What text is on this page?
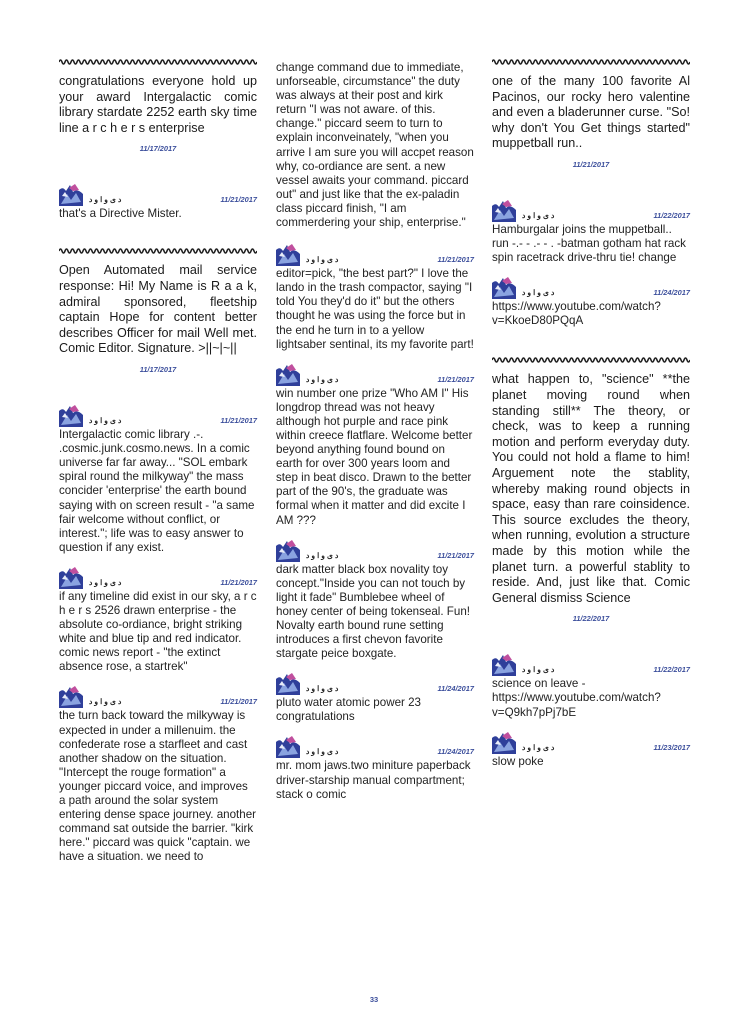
congratulations everyone hold up your award Intergalactic comic library stardate 2252 earth sky time line a r c h e r s enterprise

11/17/2017
د ی و ا و د	11/21/2017

that's a Directive Mister.

Open Automated mail service response: Hi! My Name is R a a k, admiral sponsored, fleetship captain Hope for content better describes Officer for mail Well met. Comic Editor. Signature. >||~|~||

11/17/2017
د ی و ا و د	11/21/2017

Intergalactic comic library .-. .cosmic.junk.cosmo.news. In a comic universe far far away... "SOL embark spiral round the milkyway" the mass concider 'enterprise' the earth bound saying with on screen result - "a same fair welcome without conflict, or interest."; life was to easy answer to question if any exist.

د ی و ا و د	11/21/2017

if any timeline did exist in our sky, a r c h e r s 2526 drawn enterprise - the absolute co-ordiance, bright striking white and blue tip and red indicator. comic news report - "the extinct absence rose, a startrek"

د ی و ا و د	11/21/2017

the turn back toward the milkyway is expected in under a millenuim. the confederate rose a starfleet and cast another shadow on the situation. "Intercept the rouge formation" a younger piccard voice, and improves a path around the solar system entering dense space journey. another command sat outside the barrier. "kirk here." piccard was quick "captain. we have a situation. we need to

change command due to immediate, unforseable, circumstance" the duty was always at their post and kirk return "I was not aware. of this. change." piccard seem to turn to explain inconveinately, "when you arrive I am sure you will accpet reason why, co-ordiance are sent. a new vessel awaits your command. piccard out" and just like that the ex-paladin class piccard finish, "I am commerdering your ship, enterprise."

د ی و ا و د	11/21/2017

editor=pick, "the best part?" I love the lando in the trash compactor, saying "I told You they'd do it" but the others thought he was using the force but in the end he turn in to a yellow lightsaber sentinal, its my favorite part!

د ی و ا و د	11/21/2017

win number one prize "Who AM I" His longdrop thread was not heavy although hot purple and race pink within creece flatflare. Welcome better beyond anything found bound on earth for over 300 years loom and step in beat disco. Drawn to the better part of the 90's, the graduate was formal when it matter and did excite I AM ???

د ی و ا و د	11/21/2017

dark matter black box novality toy concept."Inside you can not touch by light it fade" Bumblebee wheel of honey center of being tokenseal. Fun! Novalty earth bound rune setting introduces a first chevon favorite stargate peice boxgate.

د ی و ا و د	11/24/2017

pluto water atomic power 23 congratulations

د ی و ا و د	11/24/2017

mr. mom jaws.two miniture paperback driver-starship manual compartment; stack o comic

one of the many 100 favorite Al Pacinos, our rocky hero valentine and even a bladerunner curse. "So! why don't You Get things started" muppetball run..

11/21/2017
د ی و ا و د	11/22/2017

Hamburgalar joins the muppetball.. run -.- - .- - . -batman gotham hat rack spin racetrack drive-thru tie! change

د ی و ا و د	11/24/2017

https://www.youtube.com/watch?v=KkoeD80PQqA

what happen to, "science" **the planet moving round when standing still** The theory, or check, was to keep a running motion and perform everyday duty. You could not hold a flame to him! Arguement note the stablity, whereby making round objects in space, easy than rare coinsidence. This source excludes the theory, when running, evolution a structure made by this motion while the planet turn. a powerful stablity to reside. And, just like that. Comic General dismiss Science

11/22/2017
د ی و ا و د	11/22/2017

science on leave - https://www.youtube.com/watch?v=Q9kh7pPj7bE

د ی و ا و د	11/23/2017

slow poke

33
